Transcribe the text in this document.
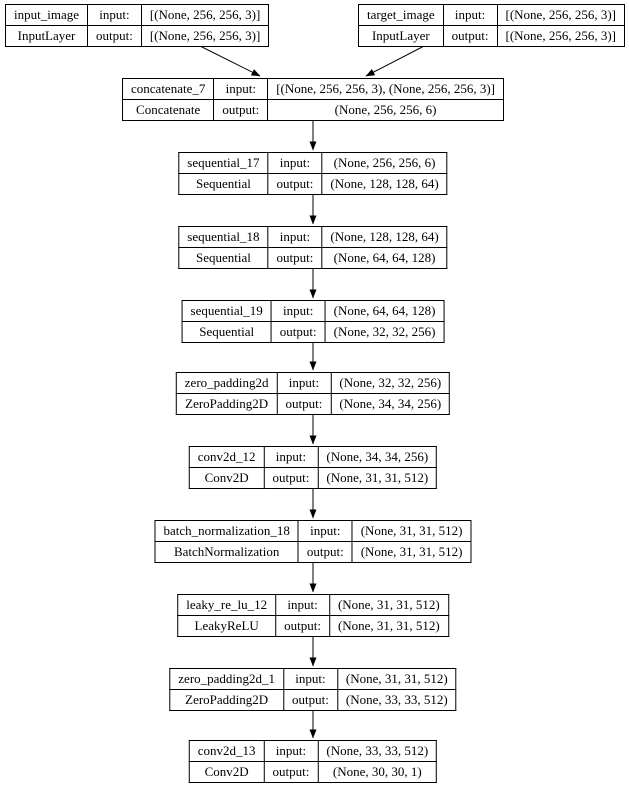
input_image	input:	[(None, 256, 256, 3)]
InputLayer	output:	[(None, 256, 256, 3)]
target_image	input:	[(None, 256, 256, 3)]
InputLayer	output:	[(None, 256, 256, 3)]
concatenate_7	input:	[(None, 256, 256, 3), (None, 256, 256, 3)]
Concatenate	output:	(None, 256, 256, 6)
sequential_17	input:	(None, 256, 256, 6)
Sequential	output:	(None, 128, 128, 64)
sequential_18	input:	(None, 128, 128, 64)
Sequential	output:	(None, 64, 64, 128)
sequential_19	input:	(None, 64, 64, 128)
Sequential	output:	(None, 32, 32, 256)
zero_padding2d	input:	(None, 32, 32, 256)
ZeroPadding2D	output:	(None, 34, 34, 256)
conv2d_12	input:	(None, 34, 34, 256)
Conv2D	output:	(None, 31, 31, 512)
batch_normalization_18	input:	(None, 31, 31, 512)
BatchNormalization	output:	(None, 31, 31, 512)
leaky_re_lu_12	input:	(None, 31, 31, 512)
LeakyReLU	output:	(None, 31, 31, 512)
zero_padding2d_1	input:	(None, 31, 31, 512)
ZeroPadding2D	output:	(None, 33, 33, 512)
conv2d_13	input:	(None, 33, 33, 512)
Conv2D	output:	(None, 30, 30, 1)
